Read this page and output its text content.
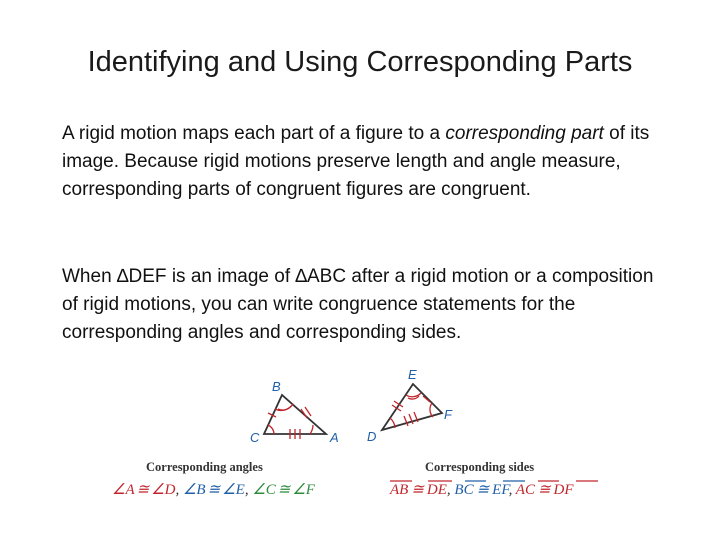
Identifying and Using Corresponding Parts
A rigid motion maps each part of a figure to a corresponding part of its image. Because rigid motions preserve length and angle measure, corresponding parts of congruent figures are congruent.
When ∆DEF is an image of ∆ABC after a rigid motion or a composition of rigid motions, you can write congruence statements for the corresponding angles and corresponding sides.
A
B
C	D
E
F
Corresponding angles
∠A ≅ ∠D, ∠B ≅ ∠E, ∠C ≅ ∠F
Corresponding sides
AB ≅ DE, BC ≅ EF, AC ≅ DF
